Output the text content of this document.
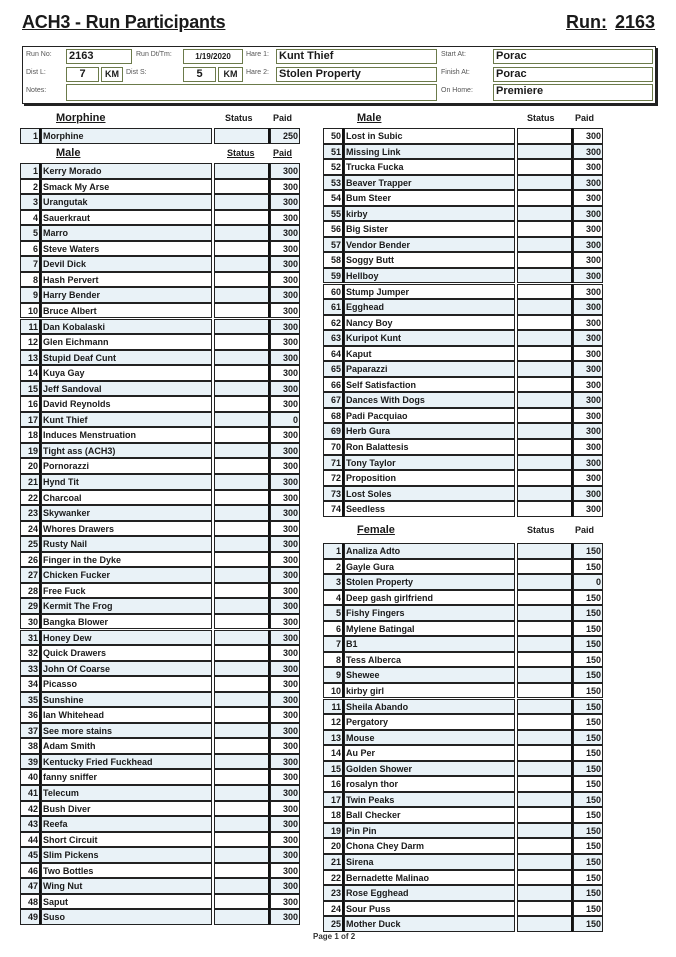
ACH3 - Run Participants	Run: 2163
Run No: 2163	Run Dt/Tm:	1/19/2020	Hare 1: Kunt Thief	Start At:	Porac
Dist L:	7	KM	Dist S:	5	KM	Hare 2: Stolen Property	Finish At: Porac
Notes:	On Home: Premiere
Morphine	Status Paid
1 Morphine	250
Male	Status Paid
1 Kerry Morado	300
2 Smack My Arse	300
3 Urangutak	300
4 Sauerkraut	300
5 Marro	300
6 Steve Waters	300
7 Devil Dick	300
8 Hash Pervert	300
9 Harry Bender	300
10 Bruce Albert	300
11 Dan Kobalaski	300
12 Glen Eichmann	300
13 Stupid Deaf Cunt	300
14 Kuya Gay	300
15 Jeff Sandoval	300
16 David Reynolds	300
17 Kunt Thief	0
18 Induces Menstruation	300
19 Tight ass (ACH3)	300
20 Pornorazzi	300
21 Hynd Tit	300
22 Charcoal	300
23 Skywanker	300
24 Whores Drawers	300
25 Rusty Nail	300
26 Finger in the Dyke	300
27 Chicken Fucker	300
28 Free Fuck	300
29 Kermit The Frog	300
30 Bangka Blower	300
31 Honey Dew	300
32 Quick Drawers	300
33 John Of Coarse	300
34 Picasso	300
35 Sunshine	300
36 Ian Whitehead	300
37 See more stains	300
38 Adam Smith	300
39 Kentucky Fried Fuckhead	300
40 fanny sniffer	300
41 Telecum	300
42 Bush Diver	300
43 Reefa	300
44 Short Circuit	300
45 Slim Pickens	300
46 Two Bottles	300
47 Wing Nut	300
48 Saput	300
49 Suso	300
Male	Status Paid
50 Lost in Subic	300
51 Missing Link	300
52 Trucka Fucka	300
53 Beaver Trapper	300
54 Bum Steer	300
55 kirby	300
56 Big Sister	300
57 Vendor Bender	300
58 Soggy Butt	300
59 Hellboy	300
60 Stump Jumper	300
61 Egghead	300
62 Nancy Boy	300
63 Kuripot Kunt	300
64 Kaput	300
65 Paparazzi	300
66 Self Satisfaction	300
67 Dances With Dogs	300
68 Padi Pacquiao	300
69 Herb Gura	300
70 Ron Balattesis	300
71 Tony Taylor	300
72 Proposition	300
73 Lost Soles	300
74 Seedless	300
Female	Status Paid
1 Analiza Adto	150
2 Gayle Gura	150
3 Stolen Property	0
4 Deep gash girlfriend	150
5 Fishy Fingers	150
6 Mylene Batingal	150
7 B1	150
8 Tess Alberca	150
9 Shewee	150
10 kirby girl	150
11 Sheila Abando	150
12 Pergatory	150
13 Mouse	150
14 Au Per	150
15 Golden Shower	150
16 rosalyn thor	150
17 Twin Peaks	150
18 Ball Checker	150
19 Pin Pin	150
20 Chona Chey Darm	150
21 Sirena	150
22 Bernadette Malinao	150
23 Rose Egghead	150
24 Sour Puss	150
25 Mother Duck	150
Page 1 of 2
